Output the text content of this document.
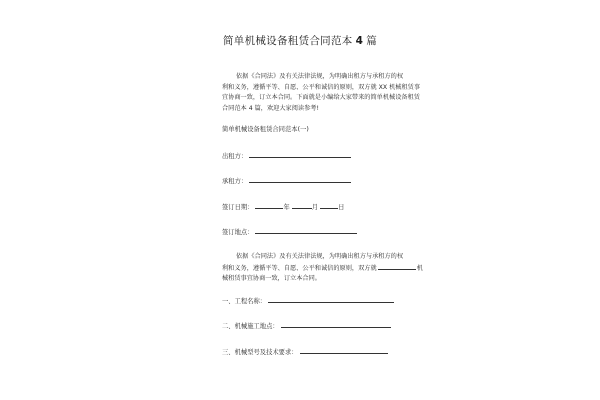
简单机械设备租赁合同范本 4 篇
依据《合同法》及有关法律法规，为明确出租方与承租方的权
利和义务，遵循平等、自愿、公平和诚信的原则，双方就 XX 机械租赁事
宜协商一致，订立本合同。下面就是小编给大家带来的简单机械设备租赁
合同范本 4 篇，欢迎大家阅读参考!
简单机械设备租赁合同范本(一)
出租方：
承租方：
签订日期：	年	月	日
签订地点：
依据《合同法》及有关法律法规，为明确出租方与承租方的权
利和义务，遵循平等、自愿、公平和诚信的原则，双方就	机
械租赁事宜协商一致，订立本合同。
一、工程名称：
二、机械施工地点：
三、机械型号及技术要求：
